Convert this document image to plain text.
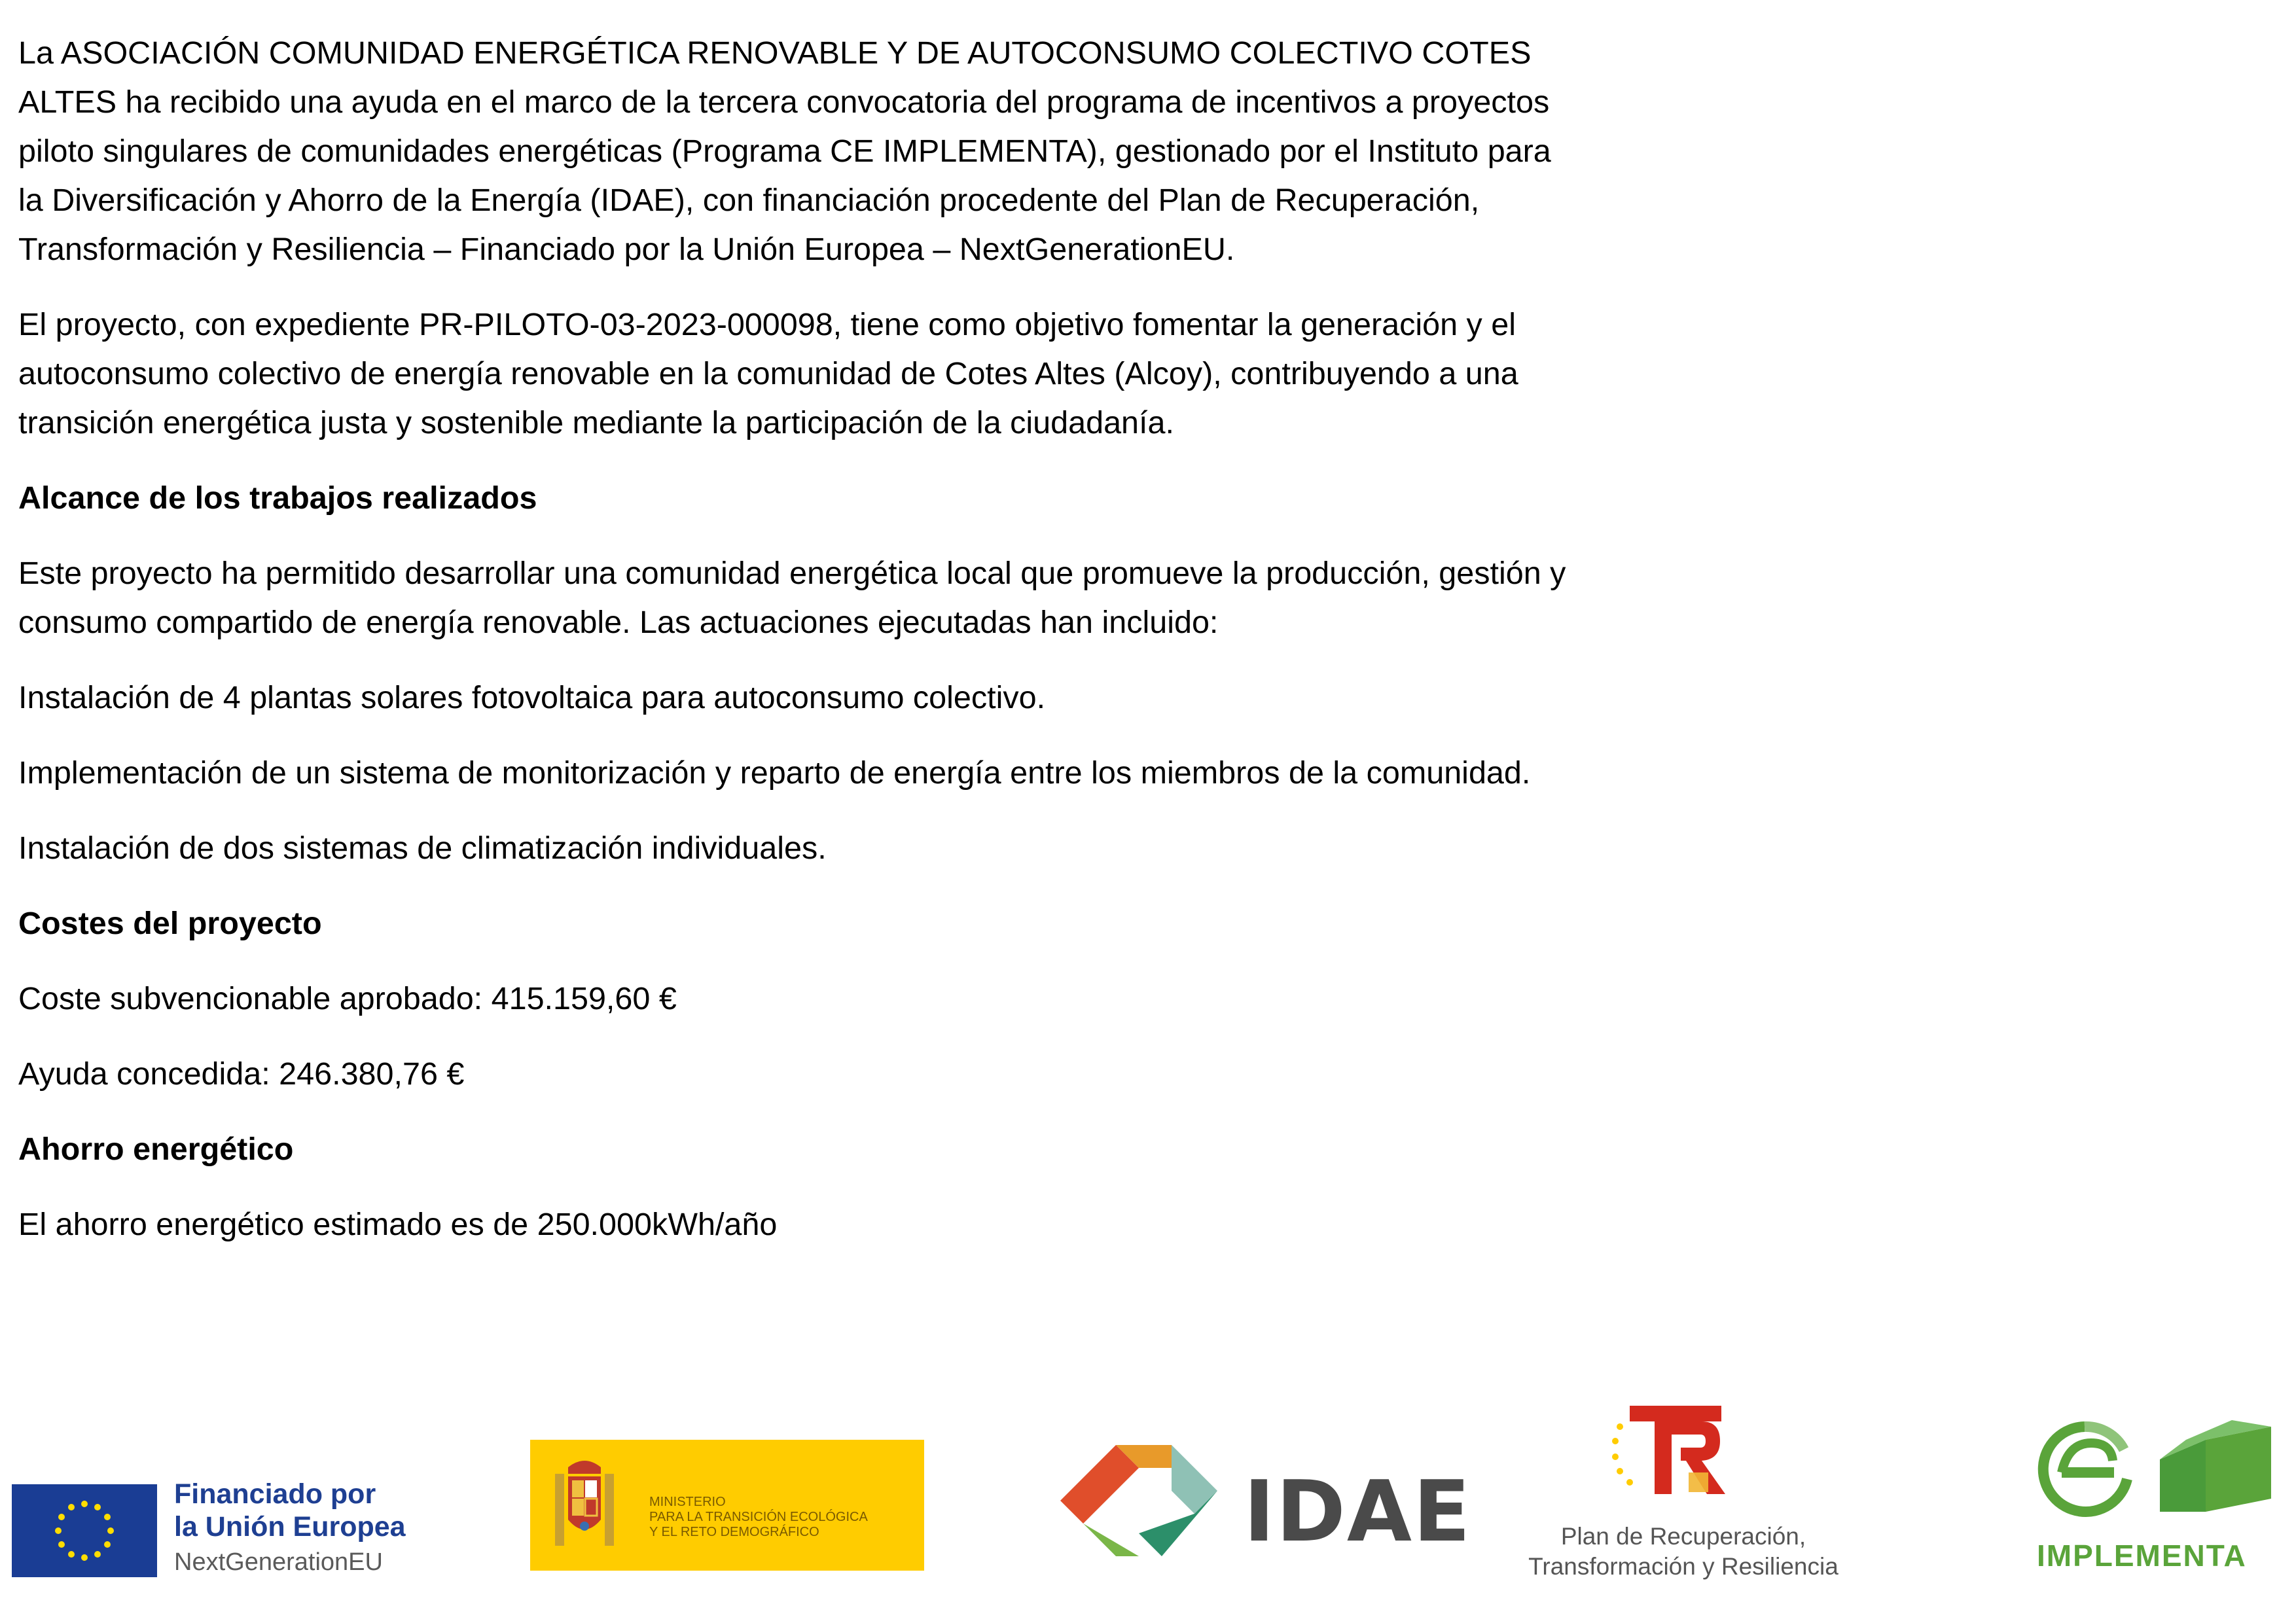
La ASOCIACIÓN COMUNIDAD ENERGÉTICA RENOVABLE Y DE AUTOCONSUMO COLECTIVO COTES ALTES ha recibido una ayuda en el marco de la tercera convocatoria del programa de incentivos a proyectos piloto singulares de comunidades energéticas (Programa CE IMPLEMENTA), gestionado por el Instituto para la Diversificación y Ahorro de la Energía (IDAE), con financiación procedente del Plan de Recuperación, Transformación y Resiliencia – Financiado por la Unión Europea – NextGenerationEU.

El proyecto, con expediente PR-PILOTO-03-2023-000098, tiene como objetivo fomentar la generación y el autoconsumo colectivo de energía renovable en la comunidad de Cotes Altes (Alcoy), contribuyendo a una transición energética justa y sostenible mediante la participación de la ciudadanía.

Alcance de los trabajos realizados

Este proyecto ha permitido desarrollar una comunidad energética local que promueve la producción, gestión y consumo compartido de energía renovable. Las actuaciones ejecutadas han incluido:

Instalación de 4 plantas solares fotovoltaica para autoconsumo colectivo.

Implementación de un sistema de monitorización y reparto de energía entre los miembros de la comunidad.

Instalación de dos sistemas de climatización individuales.

Costes del proyecto

Coste subvencionable aprobado: 415.159,60 €

Ayuda concedida: 246.380,76 €

Ahorro energético

El ahorro energético estimado es de 250.000kWh/año

Financiado por
la Unión Europea
NextGenerationEU
MINISTERIO
PARA LA TRANSICIÓN ECOLÓGICA
Y EL RETO DEMOGRÁFICO	IDAE	Plan de Recuperación,
Transformación y Resiliencia	IMPLEMENTA
